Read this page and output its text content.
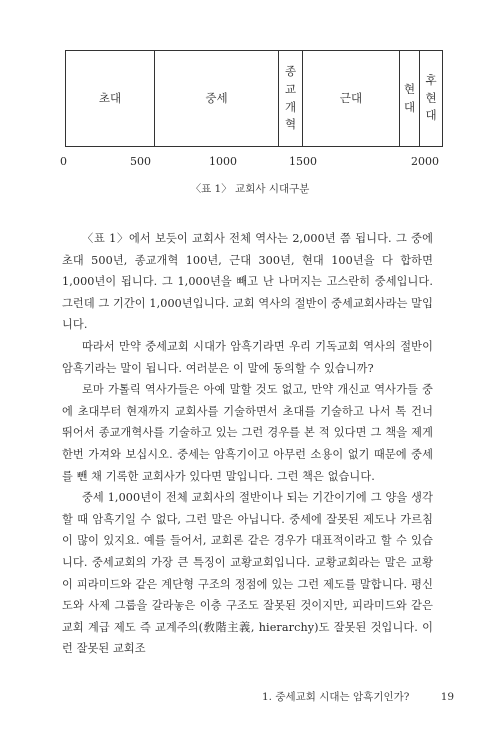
초대	중세	
종교개혁
	근대	
현대

후현대
0	500	1000	1500	2000
〈표 1〉 교회사 시대구분

〈표 1〉에서 보듯이 교회사 전체 역사는 2,000년 쯤 됩니다. 그 중에 초대 500년, 종교개혁 100년, 근대 300년, 현대 100년을 다 합하면 1,000년이 됩니다. 그 1,000년을 빼고 난 나머지는 고스란히 중세입니다. 그런데 그 기간이 1,000년입니다. 교회 역사의 절반이 중세교회사라는 말입니다.

따라서 만약 중세교회 시대가 암흑기라면 우리 기독교회 역사의 절반이 암흑기라는 말이 됩니다. 여러분은 이 말에 동의할 수 있습니까?

로마 가톨릭 역사가들은 아예 말할 것도 없고, 만약 개신교 역사가들 중에 초대부터 현재까지 교회사를 기술하면서 초대를 기술하고 나서 톡 건너뛰어서 종교개혁사를 기술하고 있는 그런 경우를 본 적 있다면 그 책을 제게 한번 가져와 보십시오. 중세는 암흑기이고 아무런 소용이 없기 때문에 중세를 뺀 채 기록한 교회사가 있다면 말입니다. 그런 책은 없습니다.

중세 1,000년이 전체 교회사의 절반이나 되는 기간이기에 그 양을 생각할 때 암흑기일 수 없다, 그런 말은 아닙니다. 중세에 잘못된 제도나 가르침이 많이 있지요. 예를 들어서, 교회론 같은 경우가 대표적이라고 할 수 있습니다. 중세교회의 가장 큰 특징이 교황교회입니다. 교황교회라는 말은 교황이 피라미드와 같은 계단형 구조의 정점에 있는 그런 제도를 말합니다. 평신도와 사제 그룹을 갈라놓은 이층 구조도 잘못된 것이지만, 피라미드와 같은 교회 계급 제도 즉 교계주의(敎階主義, hierarchy)도 잘못된 것입니다. 이런 잘못된 교회조

1. 중세교회 시대는 암흑기인가?	19
